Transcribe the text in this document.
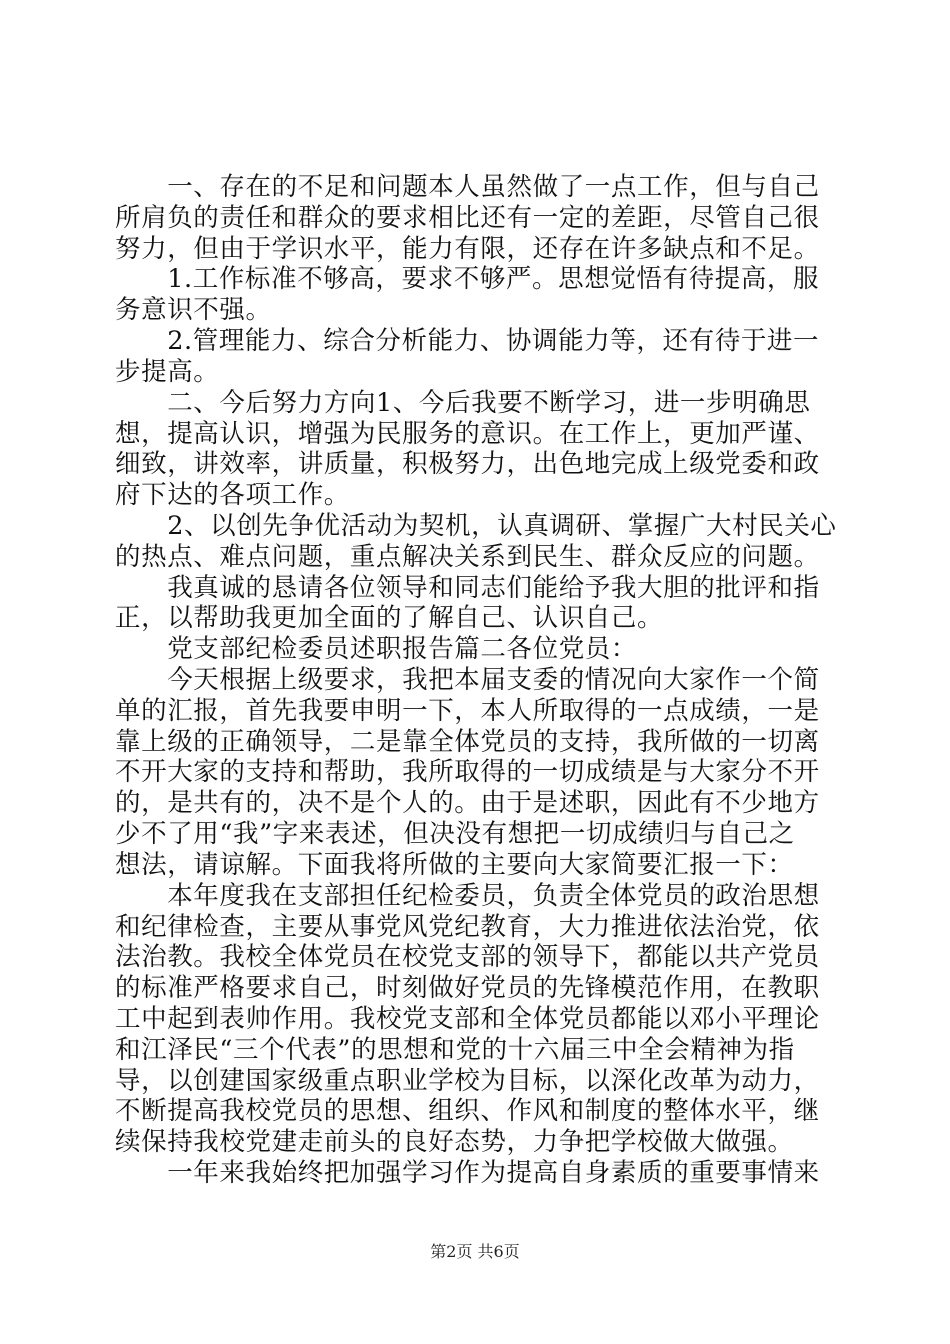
　　一、存在的不足和问题本人虽然做了一点工作，但与自己
所肩负的责任和群众的要求相比还有一定的差距，尽管自己很
努力，但由于学识水平，能力有限，还存在许多缺点和不足。
　　1.工作标准不够高，要求不够严。思想觉悟有待提高，服
务意识不强。
　　2.管理能力、综合分析能力、协调能力等，还有待于进一
步提高。
　　二、今后努力方向1、今后我要不断学习，进一步明确思
想，提高认识，增强为民服务的意识。在工作上，更加严谨、
细致，讲效率，讲质量，积极努力，出色地完成上级党委和政
府下达的各项工作。
　　2、以创先争优活动为契机，认真调研、掌握广大村民关心
的热点、难点问题，重点解决关系到民生、群众反应的问题。
　　我真诚的恳请各位领导和同志们能给予我大胆的批评和指
正，以帮助我更加全面的了解自己、认识自己。
　　党支部纪检委员述职报告篇二各位党员：
　　今天根据上级要求，我把本届支委的情况向大家作一个简
单的汇报，首先我要申明一下，本人所取得的一点成绩，一是
靠上级的正确领导，二是靠全体党员的支持，我所做的一切离
不开大家的支持和帮助，我所取得的一切成绩是与大家分不开
的，是共有的，决不是个人的。由于是述职，因此有不少地方
少不了用“我”字来表述，但决没有想把一切成绩归与自己之
想法，请谅解。下面我将所做的主要向大家简要汇报一下：
　　本年度我在支部担任纪检委员，负责全体党员的政治思想
和纪律检查，主要从事党风党纪教育，大力推进依法治党，依
法治教。我校全体党员在校党支部的领导下，都能以共产党员
的标准严格要求自己，时刻做好党员的先锋模范作用，在教职
工中起到表帅作用。我校党支部和全体党员都能以邓小平理论
和江泽民“三个代表”的思想和党的十六届三中全会精神为指
导，以创建国家级重点职业学校为目标，以深化改革为动力，
不断提高我校党员的思想、组织、作风和制度的整体水平，继
续保持我校党建走前头的良好态势，力争把学校做大做强。
　　一年来我始终把加强学习作为提高自身素质的重要事情来
第2页 共6页
